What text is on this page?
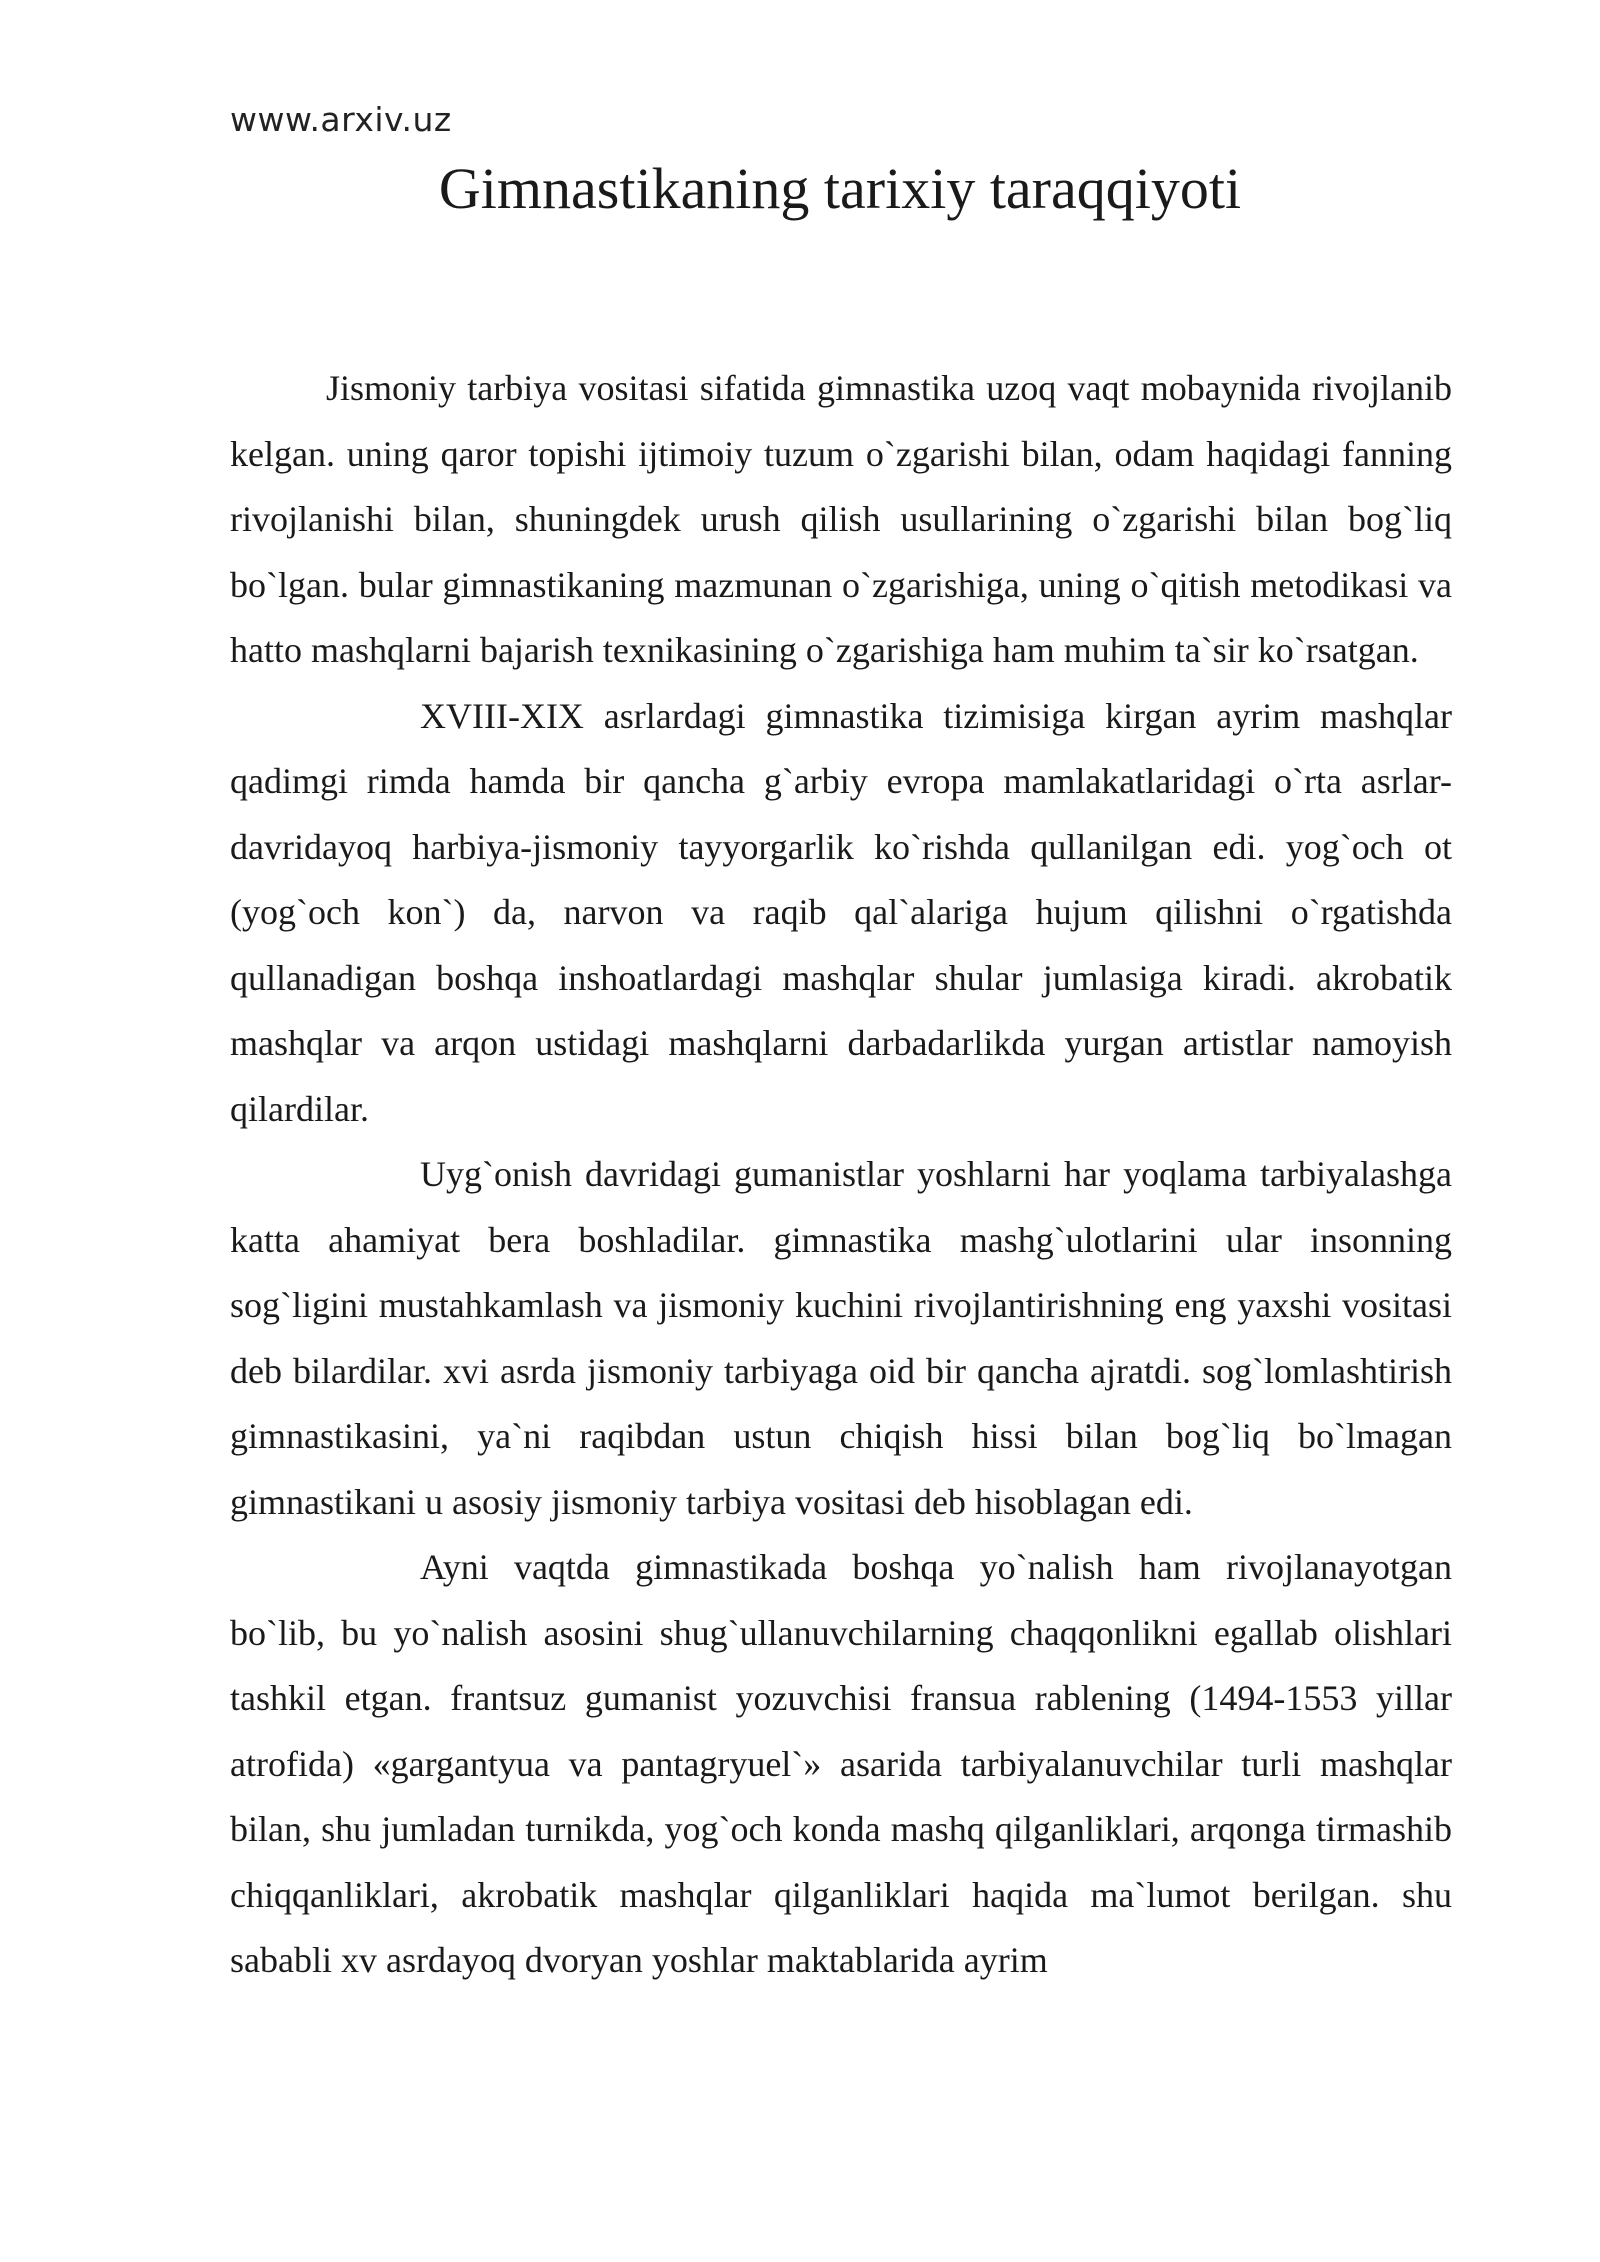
www.arxiv.uz
Gimnastikaning tarixiy taraqqiyoti

Jismoniy tarbiya vositasi sifatida gimnastika uzoq vaqt mobaynida rivojlanib kelgan. uning qaror topishi ijtimoiy tuzum o`zgarishi bilan, odam haqidagi fanning rivojlanishi bilan, shuningdek urush qilish usullarining o`zgarishi bilan bog`liq bo`lgan. bular gimnastikaning mazmunan o`zgarishiga, uning o`qitish metodikasi va hatto mashqlarni bajarish texnikasining o`zgarishiga ham muhim ta`sir ko`rsatgan.

XVIII-XIX asrlardagi gimnastika tizimisiga kirgan ayrim mashqlar qadimgi rimda hamda bir qancha g`arbiy evropa mamlakatlaridagi o`rta asrlar-davridayoq harbiya-jismoniy tayyorgarlik ko`rishda qullanilgan edi. yog`och ot (yog`och kon`) da, narvon va raqib qal`alariga hujum qilishni o`rgatishda qullanadigan boshqa inshoatlardagi mashqlar shular jumlasiga kiradi. akrobatik mashqlar va arqon ustidagi mashqlarni darbadarlikda yurgan artistlar namoyish qilardilar.

Uyg`onish davridagi gumanistlar yoshlarni har yoqlama tarbiyalashga katta ahamiyat bera boshladilar. gimnastika mashg`ulotlarini ular insonning sog`ligini mustahkamlash va jismoniy kuchini rivojlantirishning eng yaxshi vositasi deb bilardilar. xvi asrda jismoniy tarbiyaga oid bir qancha ajratdi. sog`lomlashtirish gimnastikasini, ya`ni raqibdan ustun chiqish hissi bilan bog`liq bo`lmagan gimnastikani u asosiy jismoniy tarbiya vositasi deb hisoblagan edi.

Ayni vaqtda gimnastikada boshqa yo`nalish ham rivojlanayotgan bo`lib, bu yo`nalish asosini shug`ullanuvchilarning chaqqonlikni egallab olishlari tashkil etgan. frantsuz gumanist yozuvchisi fransua rablening (1494-1553 yillar atrofida) «gargantyua va pantagryuel`» asarida tarbiyalanuvchilar turli mashqlar bilan, shu jumladan turnikda, yog`och konda mashq qilganliklari, arqonga tirmashib chiqqanliklari, akrobatik mashqlar qilganliklari haqida ma`lumot berilgan. shu sababli xv asrdayoq dvoryan yoshlar maktablarida ayrim
